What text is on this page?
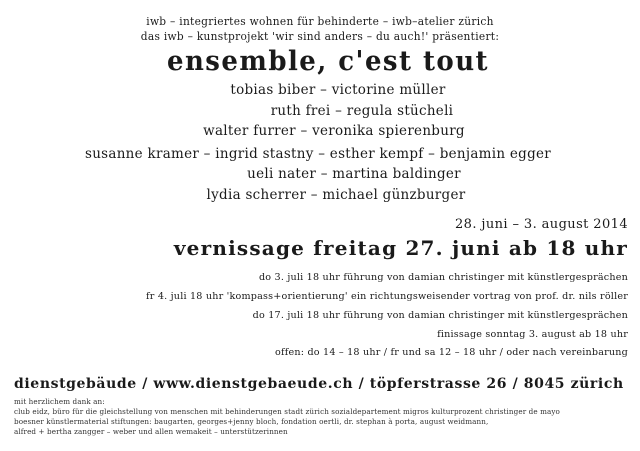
iwb – integriertes wohnen für behinderte – iwb–atelier zürich
das iwb – kunstprojekt 'wir sind anders – du auch!' präsentiert:
ensemble, c'est tout
tobias biber – victorine müller
ruth frei – regula stücheli
walter furrer – veronika spierenburg
susanne kramer – ingrid stastny – esther kempf – benjamin egger
ueli nater – martina baldinger
lydia scherrer – michael günzburger
28. juni – 3. august 2014
vernissage freitag 27. juni ab 18 uhr
do 3. juli 18 uhr führung von damian christinger mit künstlergesprächen
fr 4. juli 18 uhr 'kompass+orientierung' ein richtungsweisender vortrag von prof. dr. nils röller
do 17. juli 18 uhr führung von damian christinger mit künstlergesprächen
finissage sonntag 3. august ab 18 uhr
offen: do 14 – 18 uhr / fr und sa 12 – 18 uhr / oder nach vereinbarung
dienstgebäude / www.dienstgebaeude.ch / töpferstrasse 26 / 8045 zürich
mit herzlichem dank an:
club eidz, büro für die gleichstellung von menschen mit behinderungen stadt zürich sozialdepartement migros kulturprozent christinger de mayo
boesner künstlermaterial stiftungen: baugarten, georges+jenny bloch, fondation oertli, dr. stephan à porta, august weidmann,
alfred + bertha zangger – weber und allen wemakeit – unterstützerinnen
